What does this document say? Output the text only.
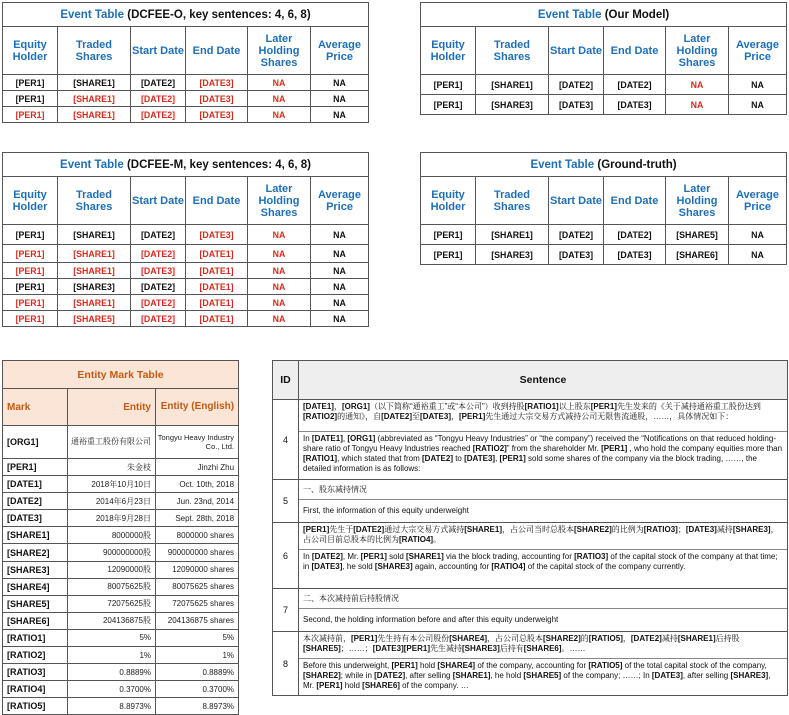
Event Table (DCFEE-O, key sentences: 4, 6, 8)					
Equity Holder	Traded Shares	Start Date	End Date	Later Holding Shares	Average Price
[PER1]	[SHARE1]	[DATE2]	[DATE3]	NA	NA
[PER1]	[SHARE1]	[DATE2]	[DATE3]	NA	NA
[PER1]	[SHARE1]	[DATE2]	[DATE3]	NA	NA
Event Table (Our Model)					
Equity Holder	Traded Shares	Start Date	End Date	Later Holding Shares	Average Price
[PER1]	[SHARE1]	[DATE2]	[DATE2]	NA	NA
[PER1]	[SHARE3]	[DATE3]	[DATE3]	NA	NA
Event Table (DCFEE-M, key sentences: 4, 6, 8)					
Equity Holder	Traded Shares	Start Date	End Date	Later Holding Shares	Average Price
[PER1]	[SHARE1]	[DATE2]	[DATE3]	NA	NA
[PER1]	[SHARE1]	[DATE2]	[DATE1]	NA	NA
[PER1]	[SHARE1]	[DATE3]	[DATE1]	NA	NA
[PER1]	[SHARE3]	[DATE2]	[DATE1]	NA	NA
[PER1]	[SHARE1]	[DATE2]	[DATE1]	NA	NA
[PER1]	[SHARE5]	[DATE2]	[DATE1]	NA	NA
Event Table (Ground-truth)					
Equity Holder	Traded Shares	Start Date	End Date	Later Holding Shares	Average Price
[PER1]	[SHARE1]	[DATE2]	[DATE2]	[SHARE5]	NA
[PER1]	[SHARE3]	[DATE3]	[DATE3]	[SHARE6]	NA
Entity Mark Table		
Mark	Entity	Entity (English)
[ORG1]	通裕重工股份有限公司	Tongyu Heavy Industry Co., Ltd.
[PER1]	朱金枝	Jinzhi Zhu
[DATE1]	2018年10月10日	Oct. 10th, 2018
[DATE2]	2014年6月23日	Jun. 23nd, 2014
[DATE3]	2018年9月28日	Sept. 28th, 2018
[SHARE1]	8000000股	8000000 shares
[SHARE2]	900000000股	900000000 shares
[SHARE3]	12090000股	12090000 shares
[SHARE4]	80075625股	80075625 shares
[SHARE5]	72075625股	72075625 shares
[SHARE6]	204136875股	204136875 shares
[RATIO1]	5%	5%
[RATIO2]	1%	1%
[RATIO3]	0.8889%	0.8889%
[RATIO4]	0.3700%	0.3700%
[RATIO5]	8.8973%	8.8973%
ID	Sentence
4	[DATE1]，[ORG1]（以下简称“通裕重工”或“本公司”）收到持股[RATIO1]以上股东[PER1]先生发来的《关于减持通裕重工股份达到[RATIO2]的通知》，自[DATE2]至[DATE3]，[PER1]先生通过大宗交易方式减持公司无限售流通股，……，具体情况如下：
In [DATE1], [ORG1] (abbreviated as “Tongyu Heavy Industries” or “the company”) received the “Notifications on that reduced holding-share ratio of Tongyu Heavy Industries reached [RATIO2]” from the shareholder Mr. [PER1] , who hold the company equities more than [RATIO1], which stated that from [DATE2] to [DATE3], [PER1] sold some shares of the company via the block trading, ……, the detailed information is as follows:

5	一、股东减持情况
First, the information of this equity underweight

6	[PER1]先生于[DATE2]通过大宗交易方式减持[SHARE1]，占公司当时总股本[SHARE2]的比例为[RATIO3]；[DATE3]减持[SHARE3]，占公司目前总股本的比例为[RATIO4]。
In [DATE2], Mr. [PER1] sold [SHARE1] via the block trading, accounting for [RATIO3] of the capital stock of the company at that time; in [DATE3], he sold [SHARE3] again, accounting for [RATIO4] of the capital stock of the company currently.

7	二、本次减持前后持股情况
Second, the holding information before and after this equity underweight

8	本次减持前，[PER1]先生持有本公司股份[SHARE4]，占公司总股本[SHARE2]的[RATIO5]，[DATE2]减持[SHARE1]后持股[SHARE5]；……；[DATE3][PER1]先生减持[SHARE3]后持有[SHARE6]。……
Before this underweight, [PER1] hold [SHARE4] of the company, accounting for [RATIO5] of the total capital stock of the company, [SHARE2]; while in [DATE2], after selling [SHARE1], he hold [SHARE5] of the company; ……; In [DATE3], after selling [SHARE3], Mr. [PER1] hold [SHARE6] of the company. …
